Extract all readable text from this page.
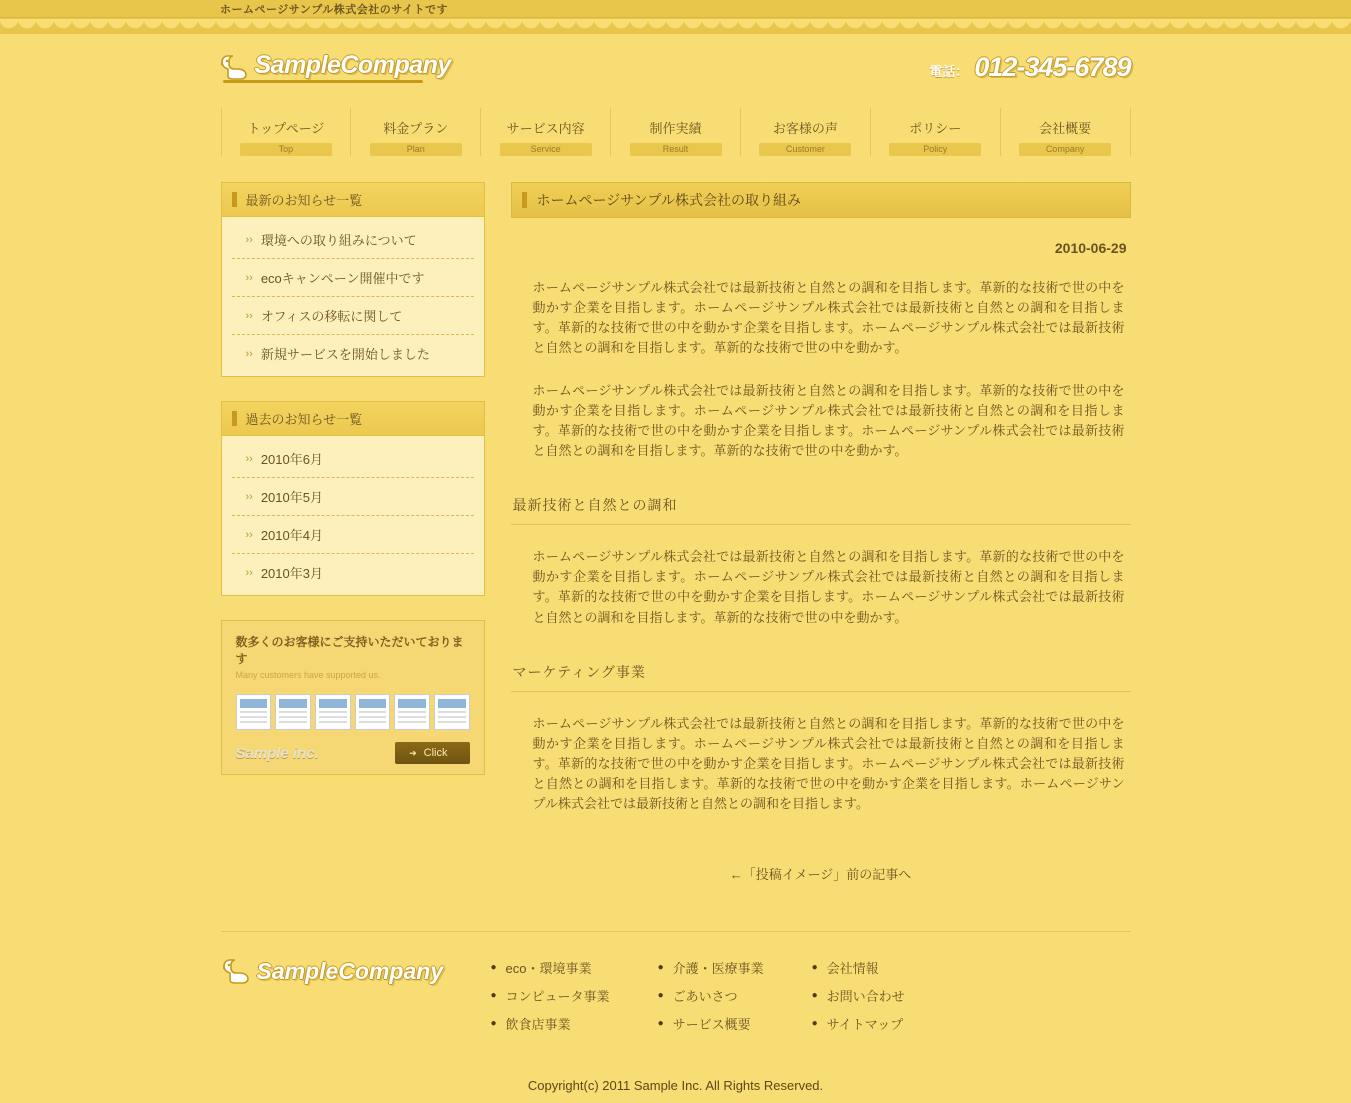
ホームページサンプル株式会社のサイトです
SampleCompany	電話： 012-345-6789
トップページ
Top
料金プラン
Plan
サービス内容
Service
制作実績
Result
お客様の声
Customer
ポリシー
Policy
会社概要
Company
最新のお知らせ一覧
›› 環境への取り組みについて
›› ecoキャンペーン開催中です
›› オフィスの移転に関して
›› 新規サービスを開始しました
過去のお知らせ一覧
›› 2010年6月
›› 2010年5月
›› 2010年4月
›› 2010年3月
数多くのお客様にご支持いただいております
Many customers have supported us.
Sample inc.	➜ Click
ホームページサンプル株式会社の取り組み
2010-06-29

ホームページサンプル株式会社では最新技術と自然との調和を目指します。革新的な技術で世の中を動かす企業を目指します。ホームページサンプル株式会社では最新技術と自然との調和を目指します。革新的な技術で世の中を動かす企業を目指します。ホームページサンプル株式会社では最新技術と自然との調和を目指します。革新的な技術で世の中を動かす。

ホームページサンプル株式会社では最新技術と自然との調和を目指します。革新的な技術で世の中を動かす企業を目指します。ホームページサンプル株式会社では最新技術と自然との調和を目指します。革新的な技術で世の中を動かす企業を目指します。ホームページサンプル株式会社では最新技術と自然との調和を目指します。革新的な技術で世の中を動かす。

最新技術と自然との調和

ホームページサンプル株式会社では最新技術と自然との調和を目指します。革新的な技術で世の中を動かす企業を目指します。ホームページサンプル株式会社では最新技術と自然との調和を目指します。革新的な技術で世の中を動かす企業を目指します。ホームページサンプル株式会社では最新技術と自然との調和を目指します。革新的な技術で世の中を動かす。

マーケティング事業

ホームページサンプル株式会社では最新技術と自然との調和を目指します。革新的な技術で世の中を動かす企業を目指します。ホームページサンプル株式会社では最新技術と自然との調和を目指します。革新的な技術で世の中を動かす企業を目指します。ホームページサンプル株式会社では最新技術と自然との調和を目指します。革新的な技術で世の中を動かす企業を目指します。ホームページサンプル株式会社では最新技術と自然との調和を目指します。

←「投稿イメージ」前の記事へ
SampleCompany	● eco・環境事業
● コンピュータ事業
● 飲食店事業
● 介護・医療事業
● ごあいさつ
● サービス概要
● 会社情報
● お問い合わせ
● サイトマップ
Copyright(c) 2011 Sample Inc. All Rights Reserved.
